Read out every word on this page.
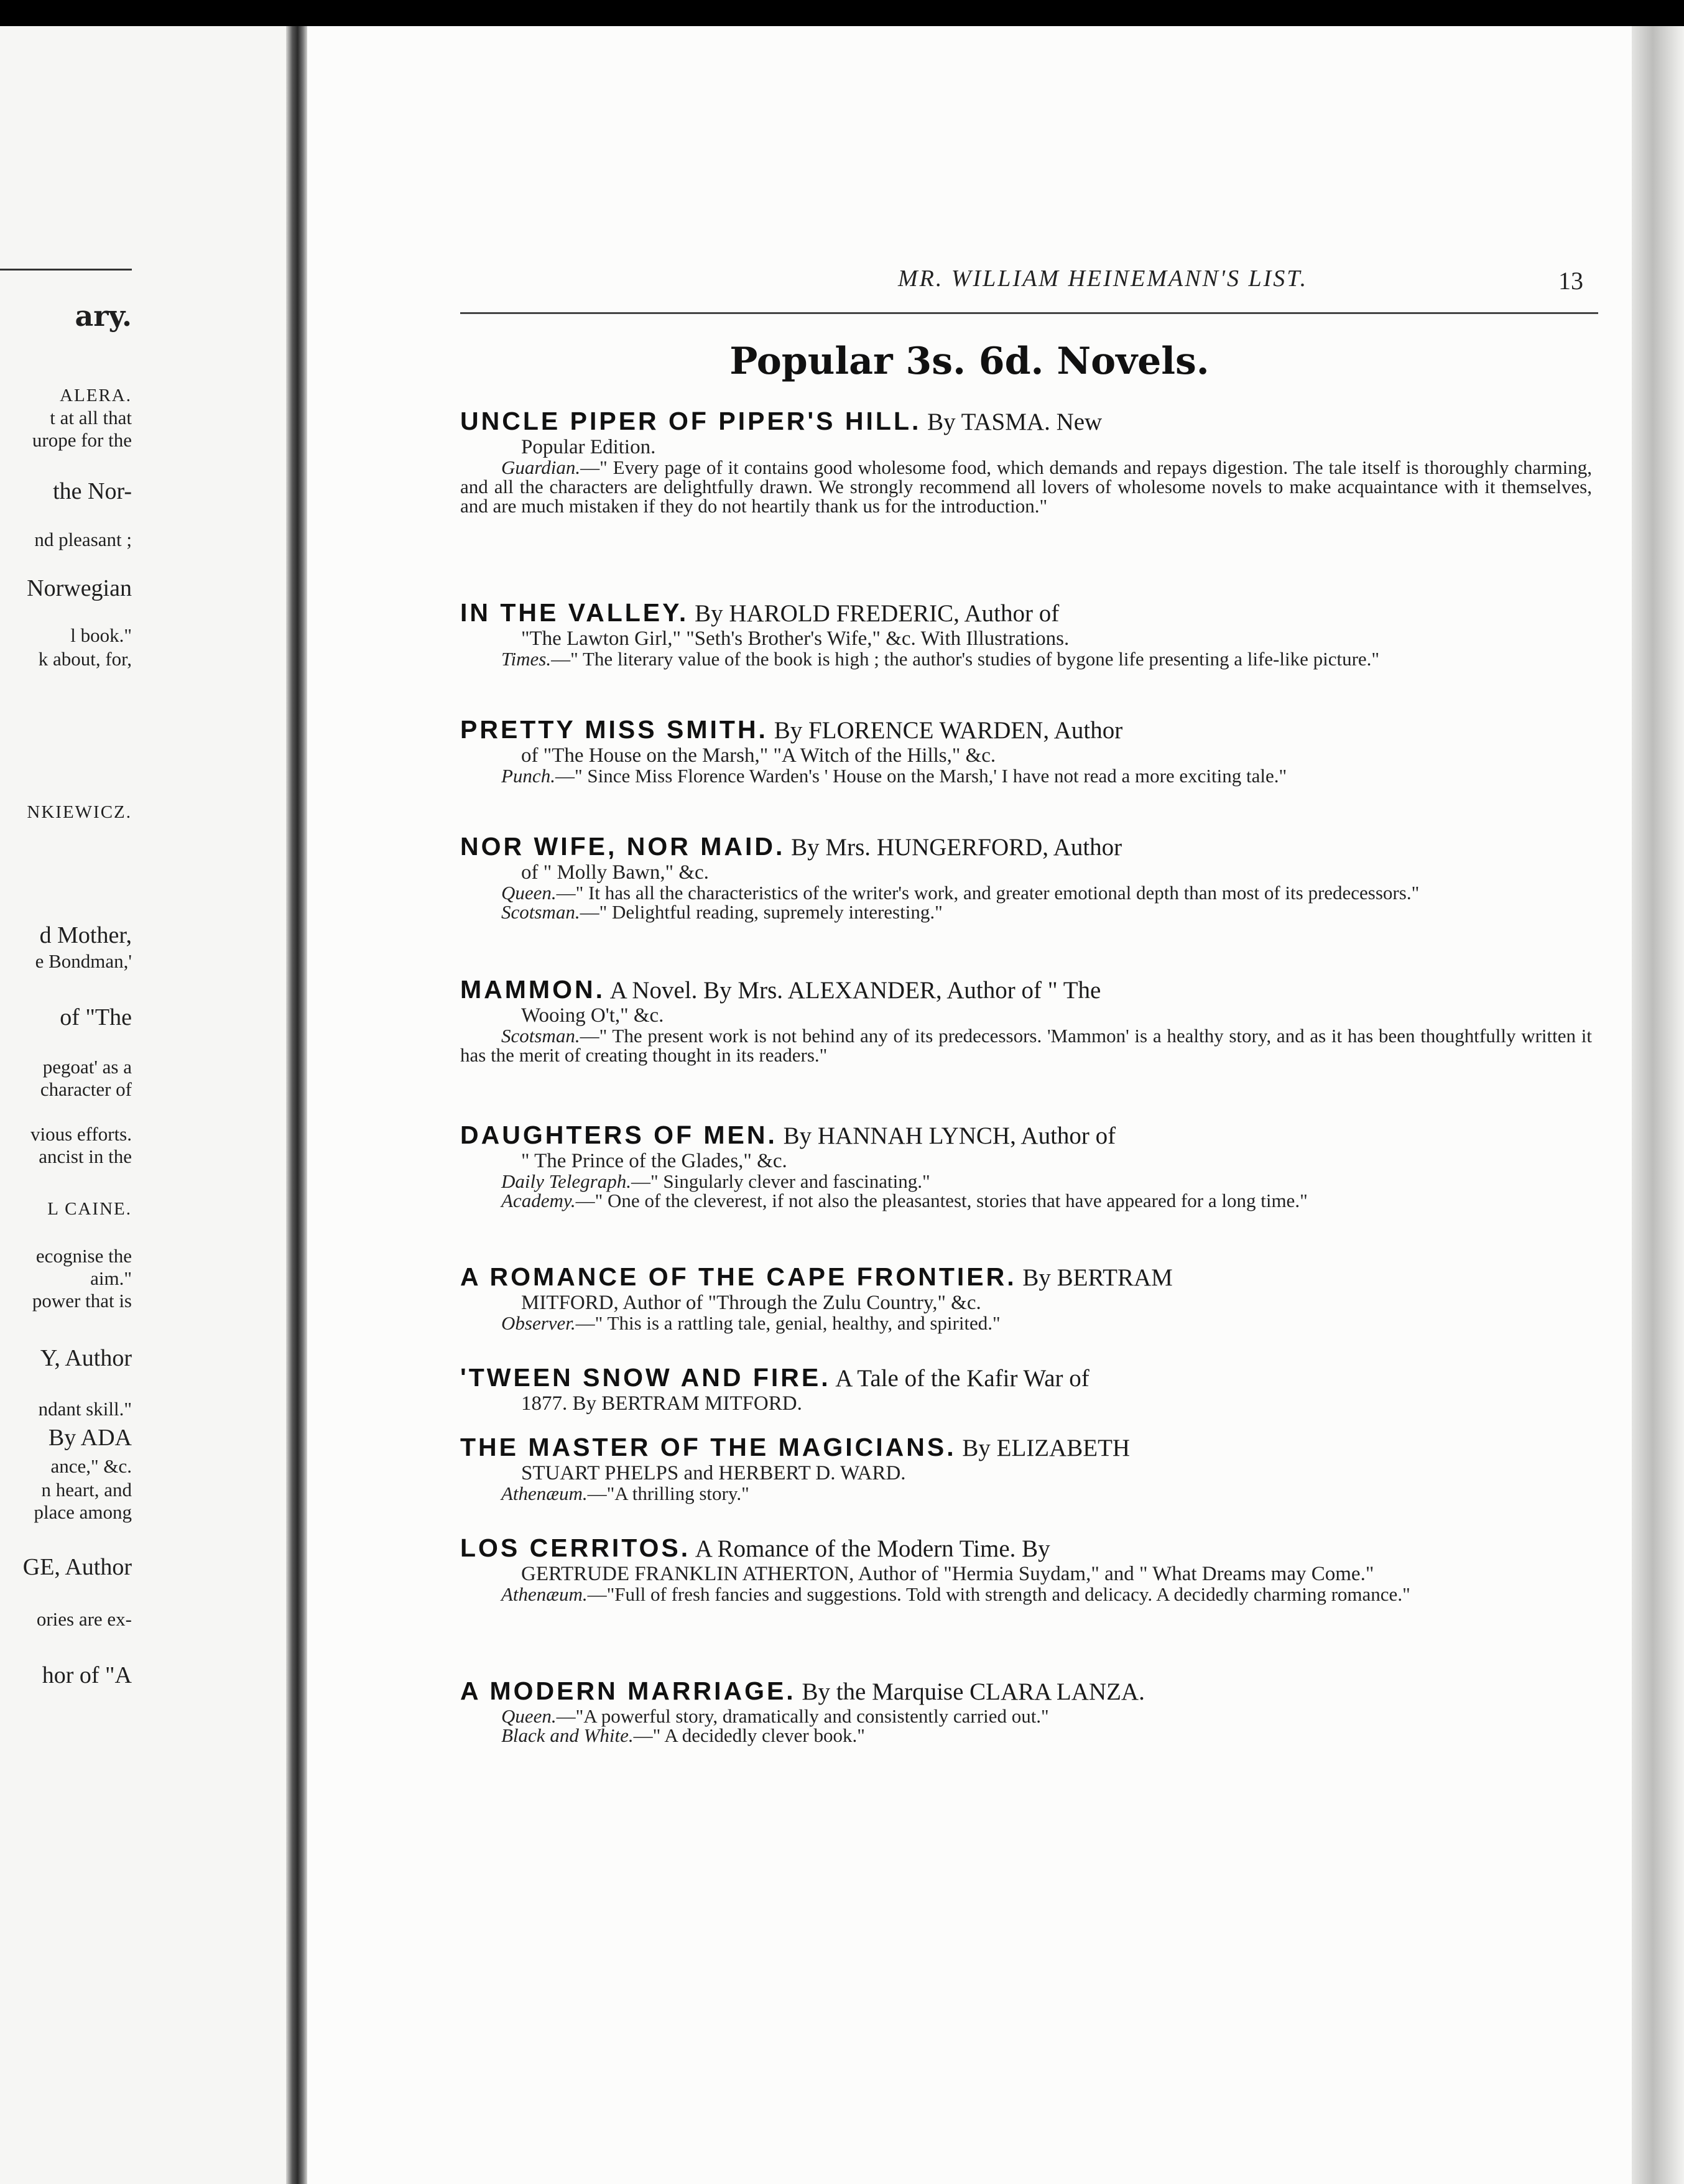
ary.
ALERA.
t at all that
urope for the
the Nor-
nd pleasant ;
Norwegian
l book."
k about, for,
NKIEWICZ.
d Mother,
e Bondman,'
of "The
pegoat' as a
character of
vious efforts.
ancist in the
L CAINE.
ecognise the
aim."
power that is
Y, Author
ndant skill."
By ADA
ance," &c.
n heart, and
place among
GE, Author
ories are ex-
hor of "A
MR. WILLIAM HEINEMANN'S LIST.	13
Popular 3s. 6d. Novels.
UNCLE PIPER OF PIPER'S HILL. By TASMA. New
Popular Edition.
Guardian.—" Every page of it contains good wholesome food, which demands and repays digestion. The tale itself is thoroughly charming, and all the characters are delightfully drawn. We strongly recommend all lovers of wholesome novels to make acquaintance with it themselves, and are much mistaken if they do not heartily thank us for the introduction."
IN THE VALLEY. By HAROLD FREDERIC, Author of
"The Lawton Girl," "Seth's Brother's Wife," &c. With Illustrations.
Times.—" The literary value of the book is high ; the author's studies of bygone life presenting a life-like picture."
PRETTY MISS SMITH. By FLORENCE WARDEN, Author
of "The House on the Marsh," "A Witch of the Hills," &c.
Punch.—" Since Miss Florence Warden's ' House on the Marsh,' I have not read a more exciting tale."
NOR WIFE, NOR MAID. By Mrs. HUNGERFORD, Author
of " Molly Bawn," &c.
Queen.—" It has all the characteristics of the writer's work, and greater emotional depth than most of its predecessors."
Scotsman.—" Delightful reading, supremely interesting."
MAMMON. A Novel. By Mrs. ALEXANDER, Author of " The
Wooing O't," &c.
Scotsman.—" The present work is not behind any of its predecessors. 'Mammon' is a healthy story, and as it has been thoughtfully written it has the merit of creating thought in its readers."
DAUGHTERS OF MEN. By HANNAH LYNCH, Author of
" The Prince of the Glades," &c.
Daily Telegraph.—" Singularly clever and fascinating."
Academy.—" One of the cleverest, if not also the pleasantest, stories that have appeared for a long time."
A ROMANCE OF THE CAPE FRONTIER. By BERTRAM
MITFORD, Author of "Through the Zulu Country," &c.
Observer.—" This is a rattling tale, genial, healthy, and spirited."
'TWEEN SNOW AND FIRE. A Tale of the Kafir War of
1877. By BERTRAM MITFORD.
THE MASTER OF THE MAGICIANS. By ELIZABETH
STUART PHELPS and HERBERT D. WARD.
Athenæum.—"A thrilling story."
LOS CERRITOS. A Romance of the Modern Time. By
GERTRUDE FRANKLIN ATHERTON, Author of "Hermia Suydam," and " What Dreams may Come."
Athenæum.—"Full of fresh fancies and suggestions. Told with strength and delicacy. A decidedly charming romance."
A MODERN MARRIAGE. By the Marquise CLARA LANZA.
Queen.—"A powerful story, dramatically and consistently carried out."
Black and White.—" A decidedly clever book."
